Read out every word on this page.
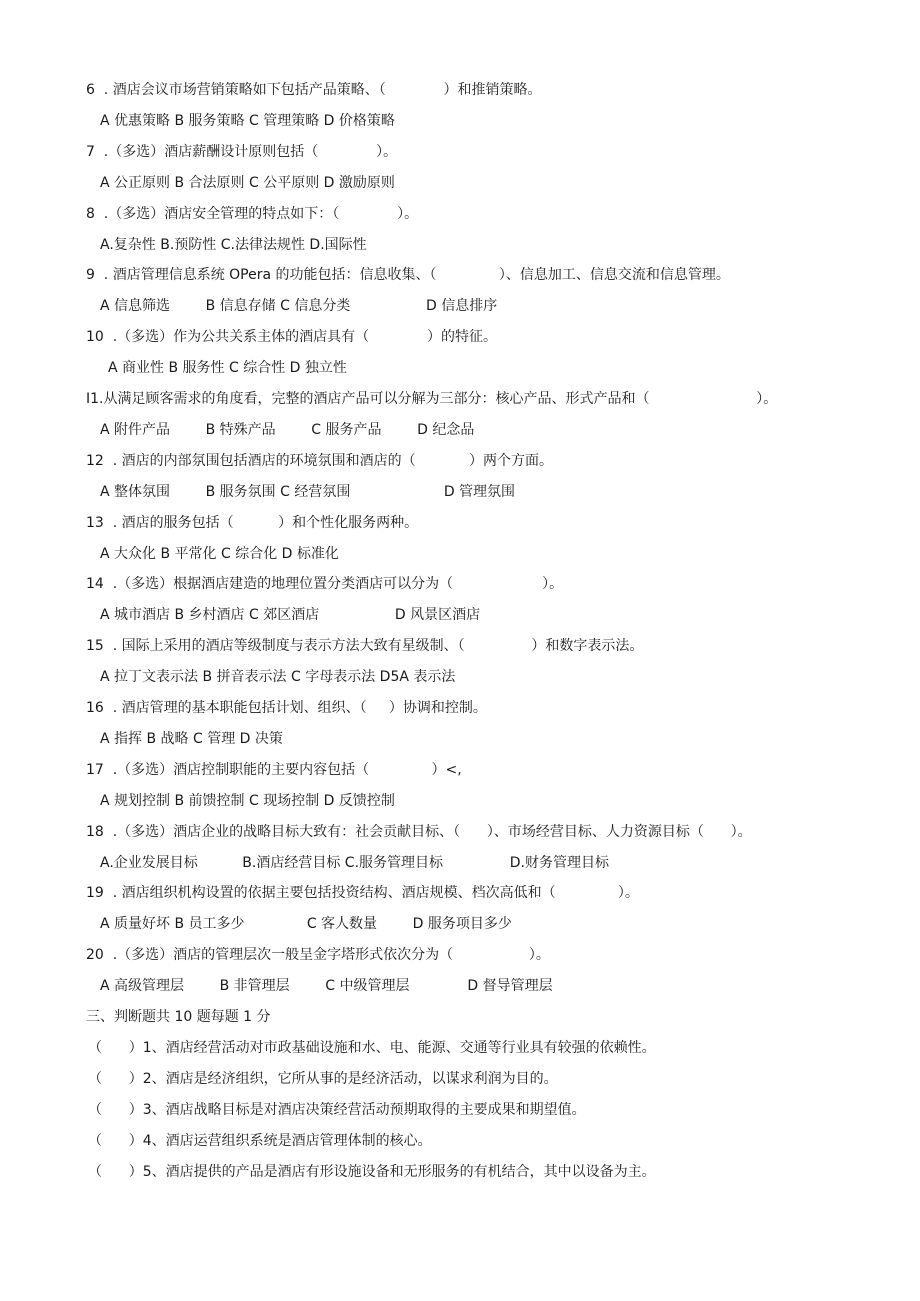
6  . 酒店会议市场营销策略如下包括产品策略、（             ）和推销策略。
A 优惠策略 B 服务策略 C 管理策略 D 价格策略
7  .（多选）酒店薪酬设计原则包括（             ）。
A 公正原则 B 合法原则 C 公平原则 D 激励原则
8  .（多选）酒店安全管理的特点如下：（             ）。
A.复杂性 B.预防性 C.法律法规性 D.国际性
9  . 酒店管理信息系统 OPera 的功能包括：信息收集、（              ）、信息加工、信息交流和信息管理。
A 信息筛选        B 信息存储 C 信息分类                 D 信息排序
10  .（多选）作为公共关系主体的酒店具有（             ）的特征。
A 商业性 B 服务性 C 综合性 D 独立性
I1.从满足顾客需求的角度看，完整的酒店产品可以分解为三部分：核心产品、形式产品和（                        ）。
A 附件产品        B 特殊产品        C 服务产品        D 纪念品
12  . 酒店的内部氛围包括酒店的环境氛围和酒店的（            ）两个方面。
A 整体氛围        B 服务氛围 C 经营氛围                     D 管理氛围
13  . 酒店的服务包括（          ）和个性化服务两种。
A 大众化 B 平常化 C 综合化 D 标准化
14  .（多选）根据酒店建造的地理位置分类酒店可以分为（                    ）。
A 城市酒店 B 乡村酒店 C 郊区酒店                 D 风景区酒店
15  . 国际上采用的酒店等级制度与表示方法大致有星级制、（               ）和数字表示法。
A 拉丁文表示法 B 拼音表示法 C 字母表示法 D5A 表示法
16  . 酒店管理的基本职能包括计划、组织、（     ）协调和控制。
A 指挥 B 战略 C 管理 D 决策
17  .（多选）酒店控制职能的主要内容包括（              ）<,
A 规划控制 B 前馈控制 C 现场控制 D 反馈控制
18  .（多选）酒店企业的战略目标大致有：社会贡献目标、（      ）、市场经营目标、人力资源目标（      ）。
A.企业发展目标          B.酒店经营目标 C.服务管理目标               D.财务管理目标
19  . 酒店组织机构设置的依据主要包括投资结构、酒店规模、档次高低和（              ）。
A 质量好坏 B 员工多少              C 客人数量        D 服务项目多少
20  .（多选）酒店的管理层次一般呈金字塔形式依次分为（                 ）。
A 高级管理层        B 非管理层        C 中级管理层             D 督导管理层
三、判断题共 10 题每题 1 分
（      ）1、酒店经营活动对市政基础设施和水、电、能源、交通等行业具有较强的依赖性。
（      ）2、酒店是经济组织，它所从事的是经济活动，以谋求利润为目的。
（      ）3、酒店战略目标是对酒店决策经营活动预期取得的主要成果和期望值。
（      ）4、酒店运营组织系统是酒店管理体制的核心。
（      ）5、酒店提供的产品是酒店有形设施设备和无形服务的有机结合，其中以设备为主。
